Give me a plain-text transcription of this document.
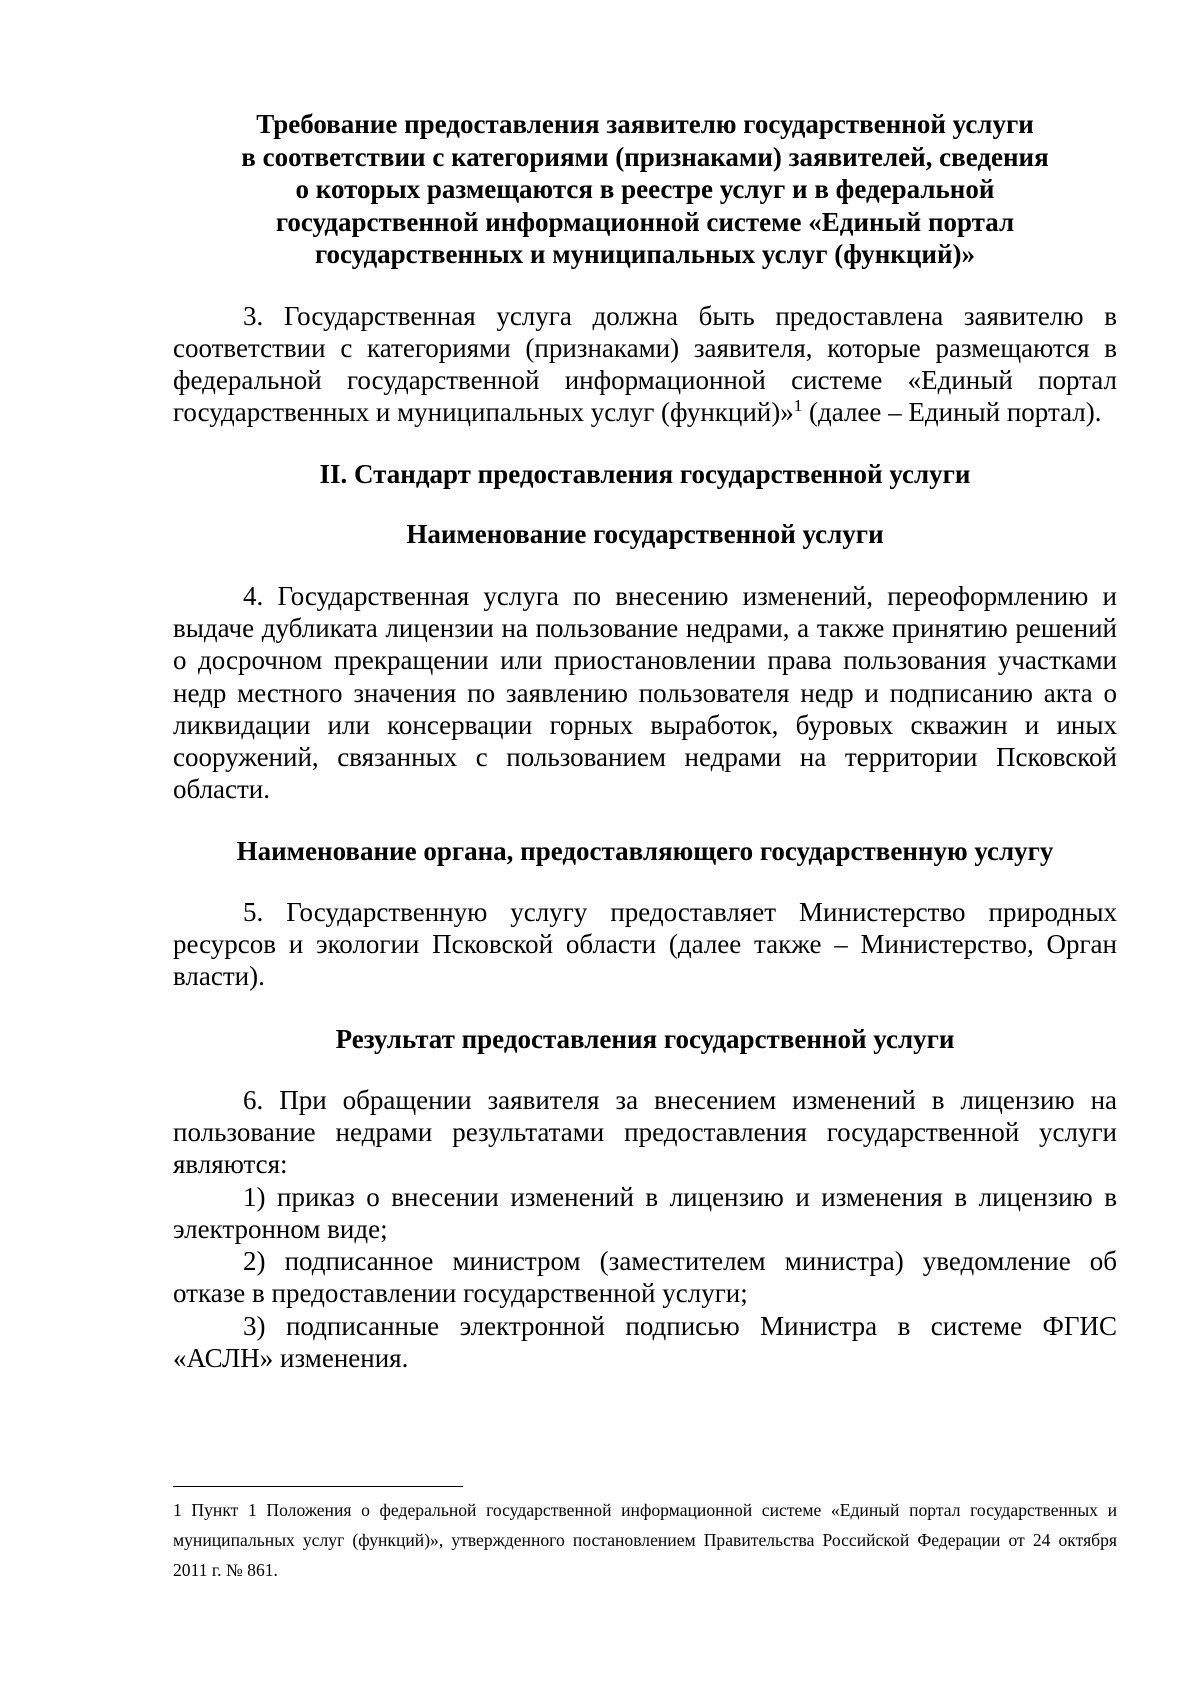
Требование предоставления заявителю государственной услуги
в соответствии с категориями (признаками) заявителей, сведения
о которых размещаются в реестре услуг и в федеральной
государственной информационной системе «Единый портал
государственных и муниципальных услуг (функций)»

3. Государственная услуга должна быть предоставлена заявителю в соответствии с категориями (признаками) заявителя, которые размещаются в федеральной государственной информационной системе «Единый портал государственных и муниципальных услуг (функций)»$^1$ (далее – Единый портал).

II. Стандарт предоставления государственной услуги
Наименование государственной услуги

4. Государственная услуга по внесению изменений, переоформлению и выдаче дубликата лицензии на пользование недрами, а также принятию решений о досрочном прекращении или приостановлении права пользования участками недр местного значения по заявлению пользователя недр и подписанию акта о ликвидации или консервации горных выработок, буровых скважин и иных сооружений, связанных с пользованием недрами на территории Псковской области.

Наименование органа, предоставляющего государственную услугу

5. Государственную услугу предоставляет Министерство природных ресурсов и экологии Псковской области (далее также – Министерство, Орган власти).

Результат предоставления государственной услуги

6. При обращении заявителя за внесением изменений в лицензию на пользование недрами результатами предоставления государственной услуги являются:

1) приказ о внесении изменений в лицензию и изменения в лицензию в электронном виде;

2) подписанное министром (заместителем министра) уведомление об отказе в предоставлении государственной услуги;

3) подписанные электронной подписью Министра в системе ФГИС «АСЛН» изменения.

1 Пункт 1 Положения о федеральной государственной информационной системе «Единый портал государственных и муниципальных услуг (функций)», утвержденного постановлением Правительства Российской Федерации от 24 октября 2011 г. № 861.
